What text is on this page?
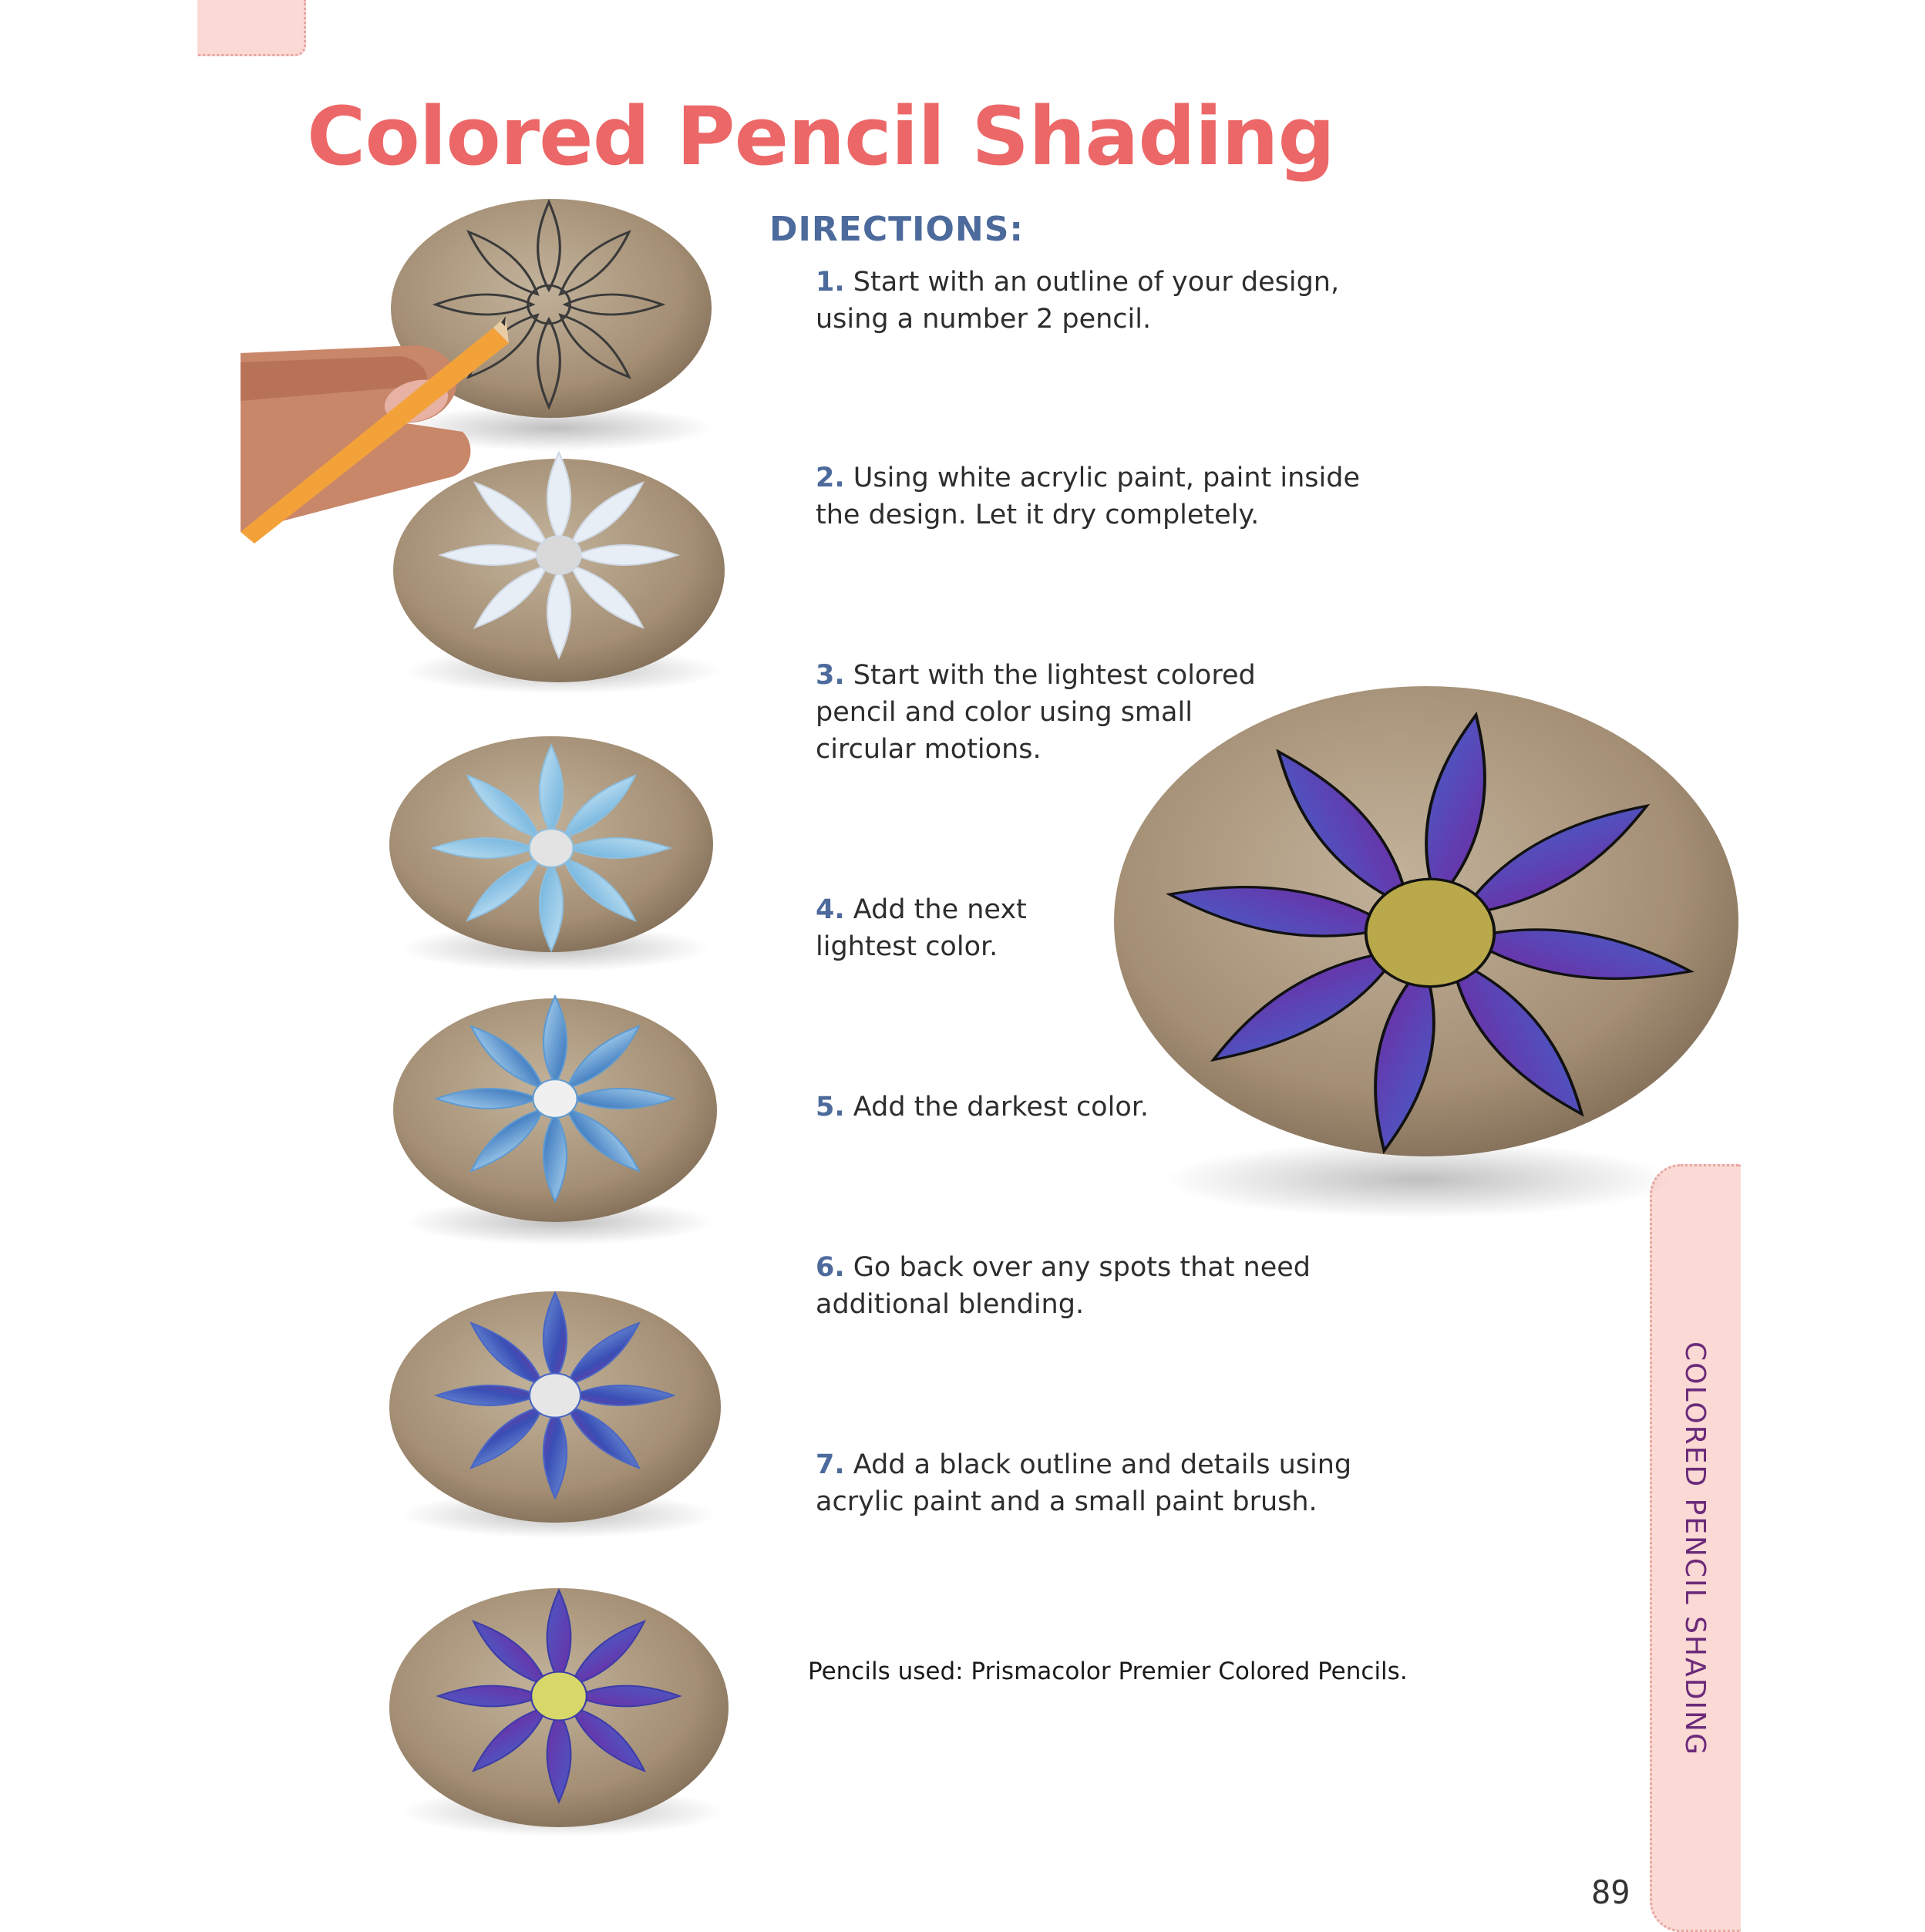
Colored Pencil Shading
DIRECTIONS:

1. Start with an outline of your design, using a number 2 pencil.

2. Using white acrylic paint, paint inside the design. Let it dry completely.

3. Start with the lightest colored pencil and color using small circular motions.

4. Add the next lightest color.

5. Add the darkest color.

6. Go back over any spots that need additional blending.

7. Add a black outline and details using acrylic paint and a small paint brush.

Pencils used: Prismacolor Premier Colored Pencils.	COLORED PENCIL SHADING
89
